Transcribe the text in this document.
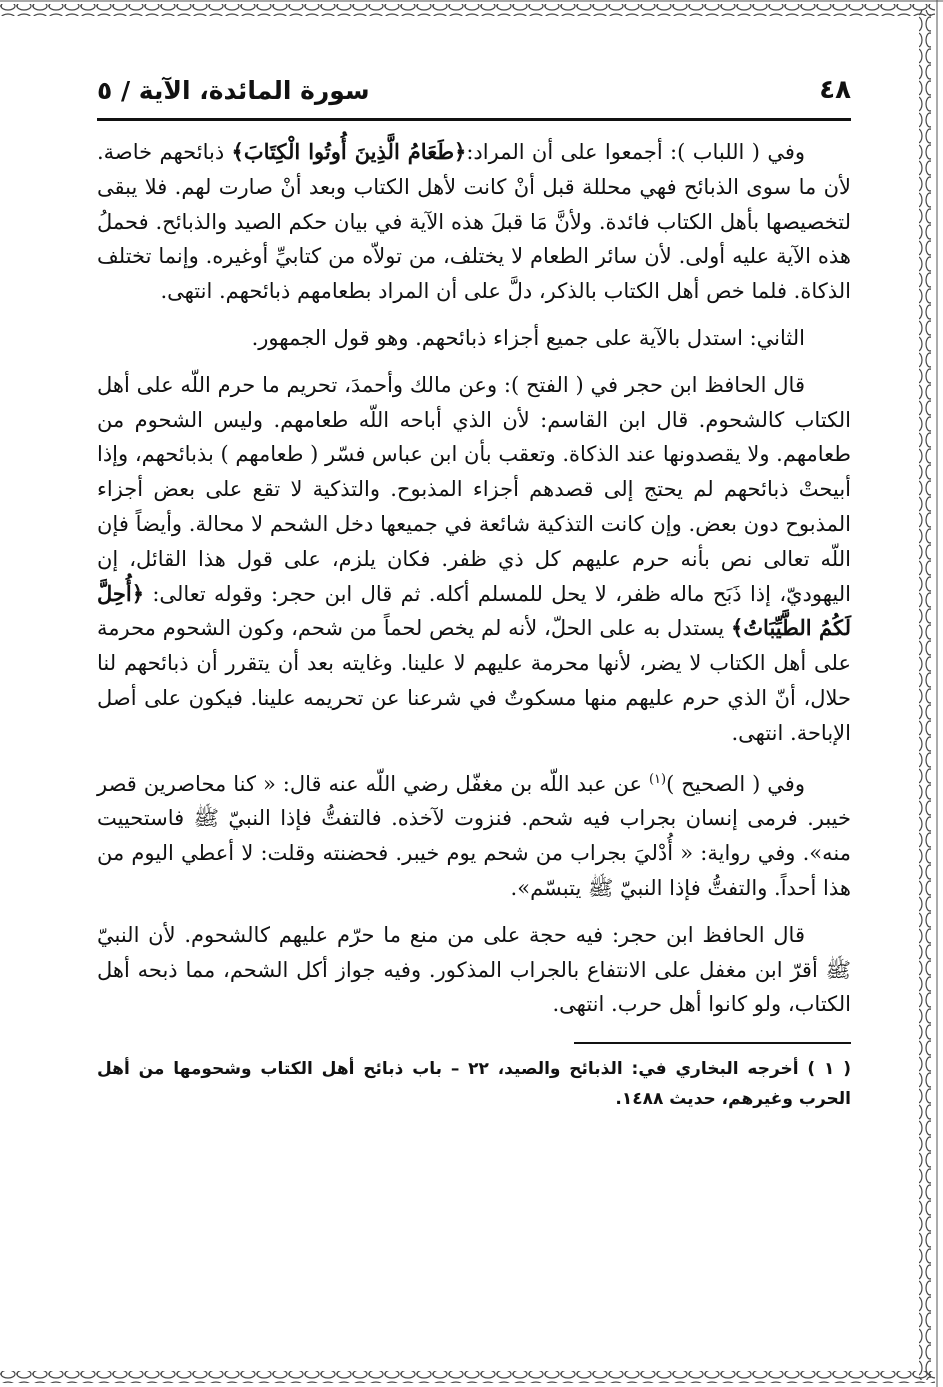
٤٨
سورة المائدة، الآية / ٥

وفي ( اللباب ): أجمعوا على أن المراد:﴿طَعَامُ الَّذِينَ أُوتُوا الْكِتَابَ﴾ ذبائحهم خاصة. لأن ما سوى الذبائح فهي محللة قبل أنْ كانت لأهل الكتاب وبعد أنْ صارت لهم. فلا يبقى لتخصيصها بأهل الكتاب فائدة. ولأنَّ مَا قبلَ هذه الآية في بيان حكم الصيد والذبائح. فحملُ هذه الآية عليه أولى. لأن سائر الطعام لا يختلف، من تولاّه من كتابيِّ أوغيره. وإنما تختلف الذكاة. فلما خص أهل الكتاب بالذكر، دلَّ على أن المراد بطعامهم ذبائحهم. انتهى.

الثاني: استدل بالآية على جميع أجزاء ذبائحهم. وهو قول الجمهور.

قال الحافظ ابن حجر في ( الفتح ): وعن مالك وأحمدَ، تحريم ما حرم اللّه على أهل الكتاب كالشحوم. قال ابن القاسم: لأن الذي أباحه اللّه طعامهم. وليس الشحوم من طعامهم. ولا يقصدونها عند الذكاة. وتعقب بأن ابن عباس فسّر ( طعامهم ) بذبائحهم، وإذا أبيحتْ ذبائحهم لم يحتج إلى قصدهم أجزاء المذبوح. والتذكية لا تقع على بعض أجزاء المذبوح دون بعض. وإن كانت التذكية شائعة في جميعها دخل الشحم لا محالة. وأيضاً فإن اللّه تعالى نص بأنه حرم عليهم كل ذي ظفر. فكان يلزم، على قول هذا القائل، إن اليهوديّ، إذا ذَبَح ماله ظفر، لا يحل للمسلم أكله. ثم قال ابن حجر: وقوله تعالى: ﴿أُحِلَّ لَكُمُ الطَّيِّبَاتُ﴾ يستدل به على الحلّ، لأنه لم يخص لحماً من شحم، وكون الشحوم محرمة على أهل الكتاب لا يضر، لأنها محرمة عليهم لا علينا. وغايته بعد أن يتقرر أن ذبائحهم لنا حلال، أنّ الذي حرم عليهم منها مسكوتٌ في شرعنا عن تحريمه علينا. فيكون على أصل الإباحة. انتهى.

وفي ( الصحيح )$^{(١)}$ عن عبد اللّه بن مغفّل رضي اللّه عنه قال: « كنا محاصرين قصر خيبر. فرمى إنسان بجراب فيه شحم. فنزوت لآخذه. فالتفتُّ فإذا النبيّ ﷺ فاستحييت منه». وفي رواية: « أُدْليَ بجراب من شحم يوم خيبر. فحضنته وقلت: لا أعطي اليوم من هذا أحداً. والتفتُّ فإذا النبيّ ﷺ يتبسّم».

قال الحافظ ابن حجر: فيه حجة على من منع ما حرّم عليهم كالشحوم. لأن النبيّ ﷺ أقرّ ابن مغفل على الانتفاع بالجراب المذكور. وفيه جواز أكل الشحم، مما ذبحه أهل الكتاب، ولو كانوا أهل حرب. انتهى.

( ١ ) أخرجه البخاري في: الذبائح والصيد، ٢٢ – باب ذبائح أهل الكتاب وشحومها من أهل الحرب وغيرهم، حديث ١٤٨٨.
